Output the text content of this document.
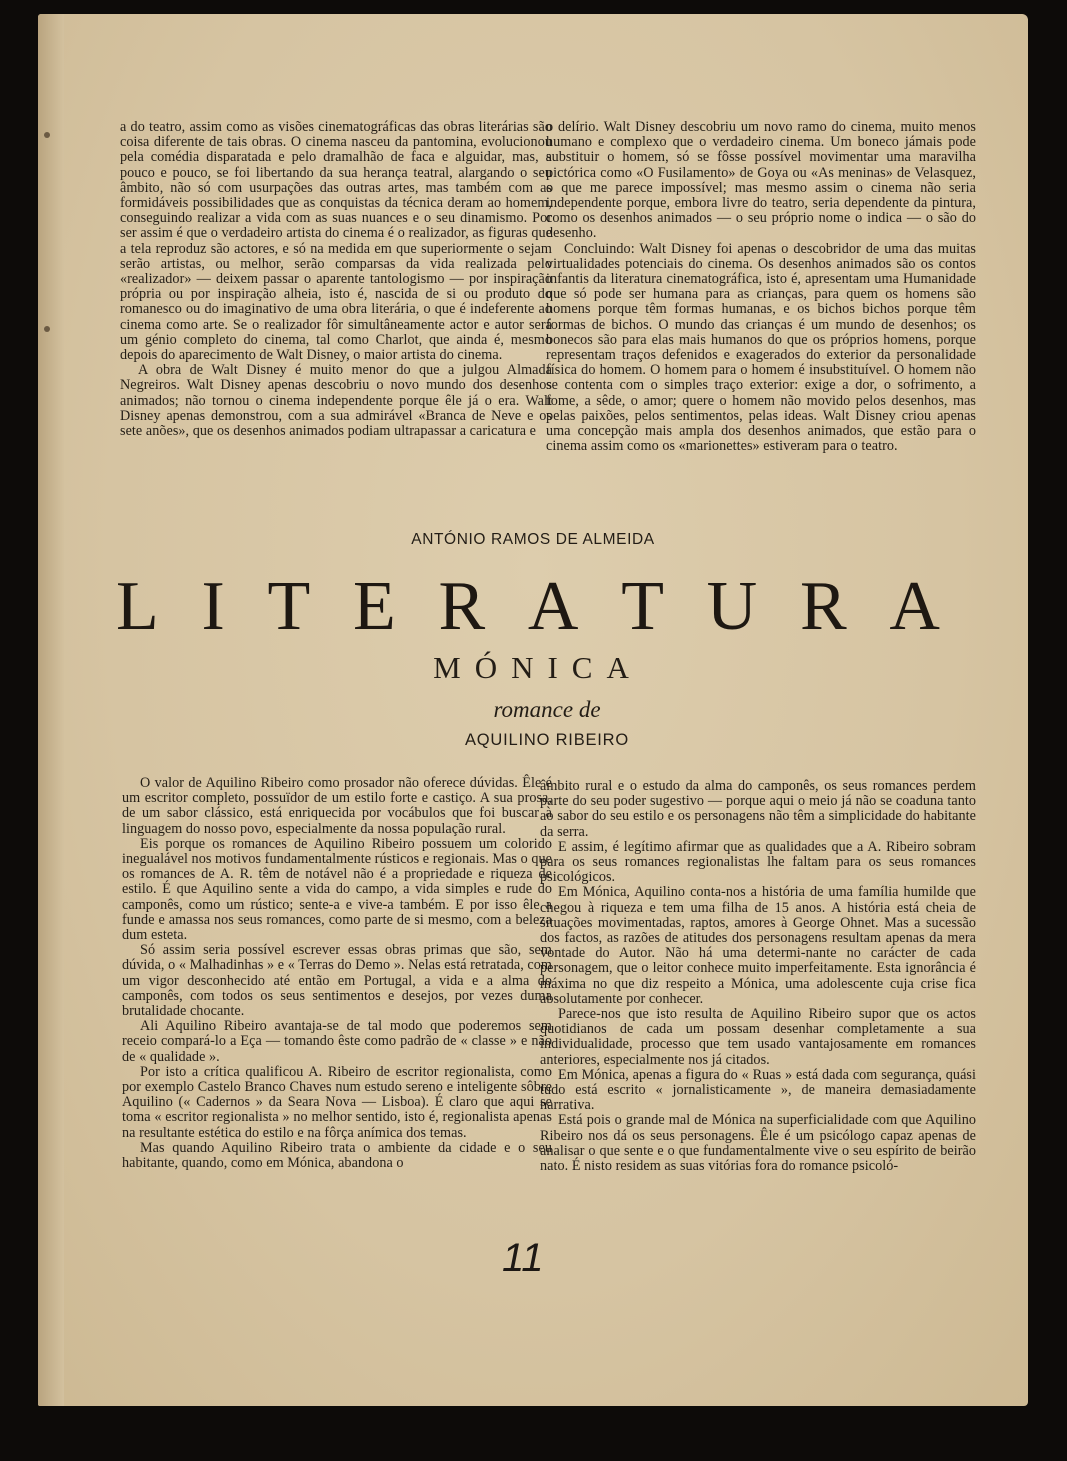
a do teatro, assim como as visões cinematográficas das obras literárias são coisa diferente de tais obras. O cinema nasceu da pantomina, evolucionou pela comédia disparatada e pelo dramalhão de faca e alguidar, mas, a pouco e pouco, se foi libertando da sua herança teatral, alargando o seu âmbito, não só com usurpações das outras artes, mas também com as formidáveis possibilidades que as conquistas da técnica deram ao homem, conseguindo realizar a vida com as suas nuances e o seu dinamismo. Por ser assim é que o verdadeiro artista do cinema é o realizador, as figuras que a tela reproduz são actores, e só na medida em que superiormente o sejam serão artistas, ou melhor, serão comparsas da vida realizada pelo «realizador» — deixem passar o aparente tantologismo — por inspiração própria ou por inspiração alheia, isto é, nascida de si ou produto do romanesco ou do imaginativo de uma obra literária, o que é indeferente ao cinema como arte. Se o realizador fôr simultâneamente actor e autor será um génio completo do cinema, tal como Charlot, que ainda é, mesmo depois do aparecimento de Walt Disney, o maior artista do cinema.

A obra de Walt Disney é muito menor do que a julgou Almada Negreiros. Walt Disney apenas descobriu o novo mundo dos desenhos animados; não tornou o cinema independente porque êle já o era. Walt Disney apenas demonstrou, com a sua admirável «Branca de Neve e os sete anões», que os desenhos animados podiam ultrapassar a caricatura e

o delírio. Walt Disney descobriu um novo ramo do cinema, muito menos humano e complexo que o verdadeiro cinema. Um boneco jámais pode substituir o homem, só se fôsse possível movimentar uma maravilha pictórica como «O Fusilamento» de Goya ou «As meninas» de Velasquez, o que me parece impossível; mas mesmo assim o cinema não seria independente porque, embora livre do teatro, seria dependente da pintura, como os desenhos animados — o seu próprio nome o indica — o são do desenho.

Concluindo: Walt Disney foi apenas o descobridor de uma das muitas virtualidades potenciais do cinema. Os desenhos animados são os contos infantis da literatura cinematográfica, isto é, apresentam uma Humanidade que só pode ser humana para as crianças, para quem os homens são homens porque têm formas humanas, e os bichos bichos porque têm formas de bichos. O mundo das crianças é um mundo de desenhos; os bonecos são para elas mais humanos do que os próprios homens, porque representam traços defenidos e exagerados do exterior da personalidade física do homem. O homem para o homem é insubstituível. O homem não se contenta com o simples traço exterior: exige a dor, o sofrimento, a fome, a sêde, o amor; quere o homem não movido pelos desenhos, mas pelas paixões, pelos sentimentos, pelas ideas. Walt Disney criou apenas uma concepção mais ampla dos desenhos animados, que estão para o cinema assim como os «marionettes» estiveram para o teatro.

ANTÓNIO RAMOS DE ALMEIDA
L I T E R A T U R A
MÓNICA
romance de
AQUILINO RIBEIRO

O valor de Aquilino Ribeiro como prosador não oferece dúvidas. Êle é um escritor completo, possuïdor de um estilo forte e castiço. A sua prosa, de um sabor clássico, está enriquecida por vocábulos que foi buscar à linguagem do nosso povo, especialmente da nossa população rural.

Eis porque os romances de Aquilino Ribeiro possuem um colorido inegualável nos motivos fundamentalmente rústicos e regionais. Mas o que os romances de A. R. têm de notável não é a propriedade e riqueza de estilo. É que Aquilino sente a vida do campo, a vida simples e rude do camponês, como um rústico; sente-a e vive-a também. E por isso êle a funde e amassa nos seus romances, como parte de si mesmo, com a beleza dum esteta.

Só assim seria possível escrever essas obras primas que são, sem dúvida, o « Malhadinhas » e « Terras do Demo ». Nelas está retratada, com um vigor desconhecido até então em Portugal, a vida e a alma do camponês, com todos os seus sentimentos e desejos, por vezes duma brutalidade chocante.

Ali Aquilino Ribeiro avantaja-se de tal modo que poderemos sem receio compará-lo a Eça — tomando êste como padrão de « classe » e não de « qualidade ».

Por isto a crítica qualificou A. Ribeiro de escritor regionalista, como por exemplo Castelo Branco Chaves num estudo sereno e inteligente sôbre Aquilino (« Cadernos » da Seara Nova — Lisboa). É claro que aqui se toma « escritor regionalista » no melhor sentido, isto é, regionalista apenas na resultante estética do estilo e na fôrça anímica dos temas.

Mas quando Aquilino Ribeiro trata o ambiente da cidade e o seu habitante, quando, como em Mónica, abandona o

âmbito rural e o estudo da alma do camponês, os seus romances perdem parte do seu poder sugestivo — porque aqui o meio já não se coaduna tanto ao sabor do seu estilo e os personagens não têm a simplicidade do habitante da serra.

E assim, é legítimo afirmar que as qualidades que a A. Ribeiro sobram para os seus romances regionalistas lhe faltam para os seus romances psicológicos.

Em Mónica, Aquilino conta-nos a história de uma família humilde que chegou à riqueza e tem uma filha de 15 anos. A história está cheia de situações movimentadas, raptos, amores à George Ohnet. Mas a sucessão dos factos, as razões de atitudes dos personagens resultam apenas da mera vontade do Autor. Não há uma determi-nante no carácter de cada personagem, que o leitor conhece muito imperfeitamente. Esta ignorância é máxima no que diz respeito a Mónica, uma adolescente cuja crise fica absolutamente por conhecer.

Parece-nos que isto resulta de Aquilino Ribeiro supor que os actos quotidianos de cada um possam desenhar completamente a sua individualidade, processo que tem usado vantajosamente em romances anteriores, especialmente nos já citados.

Em Mónica, apenas a figura do « Ruas » está dada com segurança, quási tudo está escrito « jornalisticamente », de maneira demasiadamente narrativa.

Está pois o grande mal de Mónica na superficialidade com que Aquilino Ribeiro nos dá os seus personagens. Êle é um psicólogo capaz apenas de analisar o que sente e o que fundamentalmente vive o seu espírito de beirão nato. É nisto residem as suas vitórias fora do romance psicoló-

11
